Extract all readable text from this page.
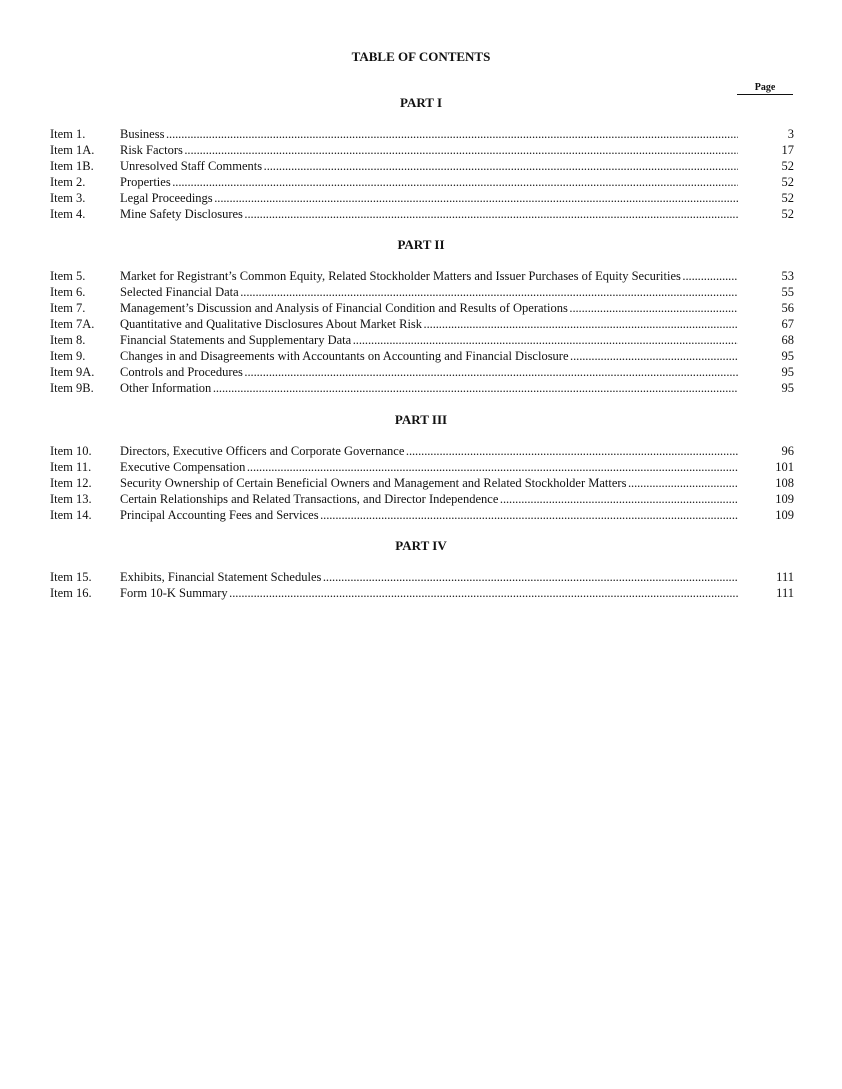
TABLE OF CONTENTS
Page
PART I
Item 1.	Business . . .	3
Item 1A. Risk Factors . . .	17
Item 1B. Unresolved Staff Comments . . .	52
Item 2.	Properties . . .	52
Item 3.	Legal Proceedings . . .	52
Item 4.	Mine Safety Disclosures . . .	52
PART II
Item 5.	Market for Registrant’s Common Equity, Related Stockholder Matters and Issuer Purchases of Equity Securities . . .	53
Item 6.	Selected Financial Data . . .	55
Item 7.	Management’s Discussion and Analysis of Financial Condition and Results of Operations . . .	56
Item 7A. Quantitative and Qualitative Disclosures About Market Risk . . .	67
Item 8.	Financial Statements and Supplementary Data . . .	68
Item 9.	Changes in and Disagreements with Accountants on Accounting and Financial Disclosure . . .	95
Item 9A. Controls and Procedures . . .	95
Item 9B. Other Information . . .	95
PART III
Item 10. Directors, Executive Officers and Corporate Governance . . .	96
Item 11. Executive Compensation . . .	101
Item 12. Security Ownership of Certain Beneficial Owners and Management and Related Stockholder Matters . . .	108
Item 13. Certain Relationships and Related Transactions, and Director Independence . . .	109
Item 14. Principal Accounting Fees and Services . . .	109
PART IV
Item 15. Exhibits, Financial Statement Schedules . . .	111
Item 16. Form 10-K Summary . . .	111
